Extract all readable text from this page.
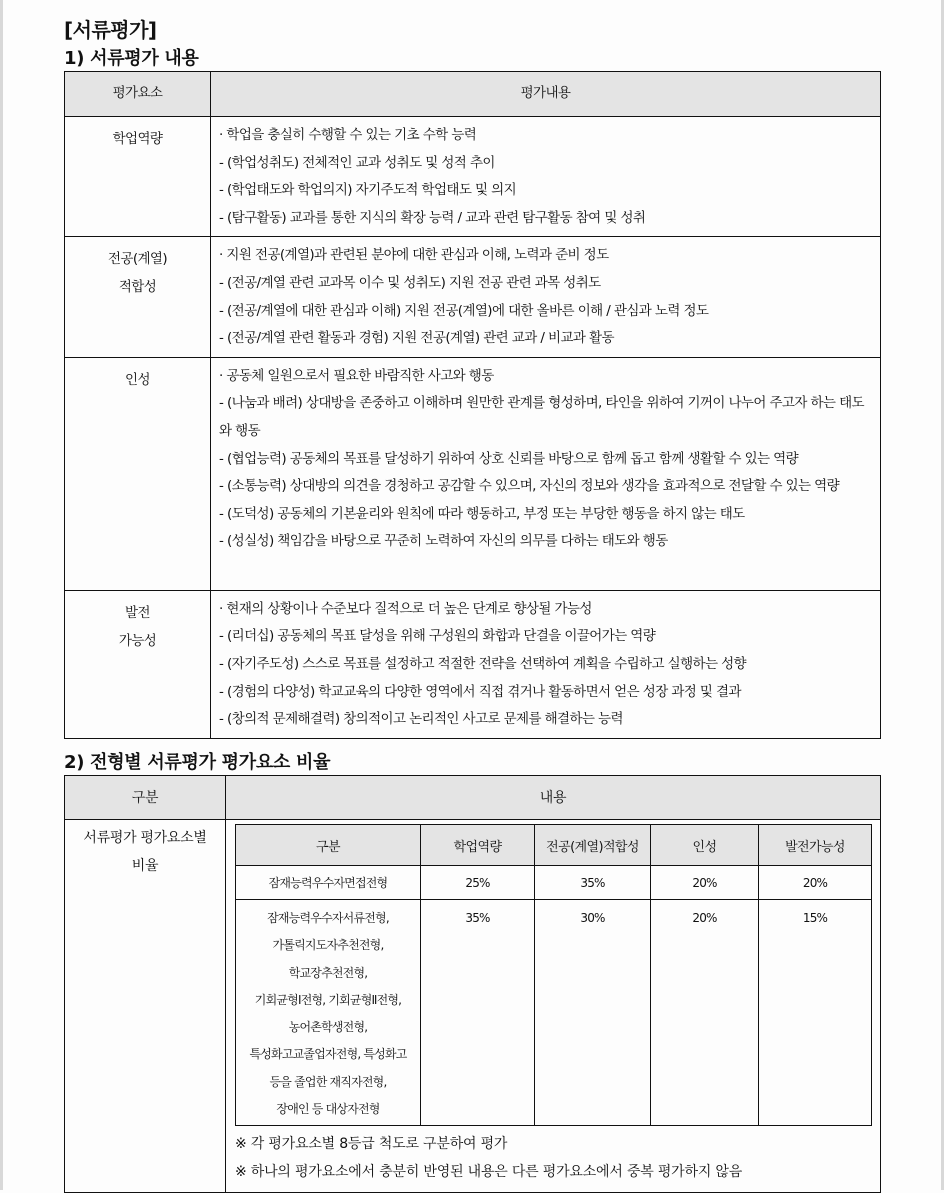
[서류평가]
1) 서류평가 내용
평가요소	평가내용

학업역량	· 학업을 충실히 수행할 수 있는 기초 수학 능력
- (학업성취도) 전체적인 교과 성취도 및 성적 추이
- (학업태도와 학업의지) 자기주도적 학업태도 및 의지
- (탐구활동) 교과를 통한 지식의 확장 능력 / 교과 관련 탐구활동 참여 및 성취

전공(계열)
적합성	· 지원 전공(계열)과 관련된 분야에 대한 관심과 이해, 노력과 준비 정도
- (전공/계열 관련 교과목 이수 및 성취도) 지원 전공 관련 과목 성취도
- (전공/계열에 대한 관심과 이해) 지원 전공(계열)에 대한 올바른 이해 / 관심과 노력 정도
- (전공/계열 관련 활동과 경험) 지원 전공(계열) 관련 교과 / 비교과 활동

인성	· 공동체 일원으로서 필요한 바람직한 사고와 행동
- (나눔과 배려) 상대방을 존중하고 이해하며 원만한 관계를 형성하며, 타인을 위하여 기꺼이 나누어 주고자 하는 태도와 행동
- (협업능력) 공동체의 목표를 달성하기 위하여 상호 신뢰를 바탕으로 함께 돕고 함께 생활할 수 있는 역량
- (소통능력) 상대방의 의견을 경청하고 공감할 수 있으며, 자신의 정보와 생각을 효과적으로 전달할 수 있는 역량
- (도덕성) 공동체의 기본윤리와 원칙에 따라 행동하고, 부정 또는 부당한 행동을 하지 않는 태도
- (성실성) 책임감을 바탕으로 꾸준히 노력하여 자신의 의무를 다하는 태도와 행동

발전
가능성	· 현재의 상황이나 수준보다 질적으로 더 높은 단계로 향상될 가능성
- (리더십) 공동체의 목표 달성을 위해 구성원의 화합과 단결을 이끌어가는 역량
- (자기주도성) 스스로 목표를 설정하고 적절한 전략을 선택하여 계획을 수립하고 실행하는 성향
- (경험의 다양성) 학교교육의 다양한 영역에서 직접 겪거나 활동하면서 얻은 성장 과정 및 결과
- (창의적 문제해결력) 창의적이고 논리적인 사고로 문제를 해결하는 능력
2) 전형별 서류평가 평가요소 비율
구분	내용

서류평가 평가요소별
비율

구분	학업역량	전공(계열)적합성	인성	발전가능성
잠재능력우수자면접전형	25%	35%	20%	20%

잠재능력우수자서류전형,
가톨릭지도자추천전형,
학교장추천전형,
기회균형Ⅰ전형, 기회균형Ⅱ전형,
농어촌학생전형,
특성화고교졸업자전형, 특성화고
등을 졸업한 재직자전형,
장애인 등 대상자전형
	35%	30%	20%	15%
※ 각 평가요소별 8등급 척도로 구분하여 평가
※ 하나의 평가요소에서 충분히 반영된 내용은 다른 평가요소에서 중복 평가하지 않음
